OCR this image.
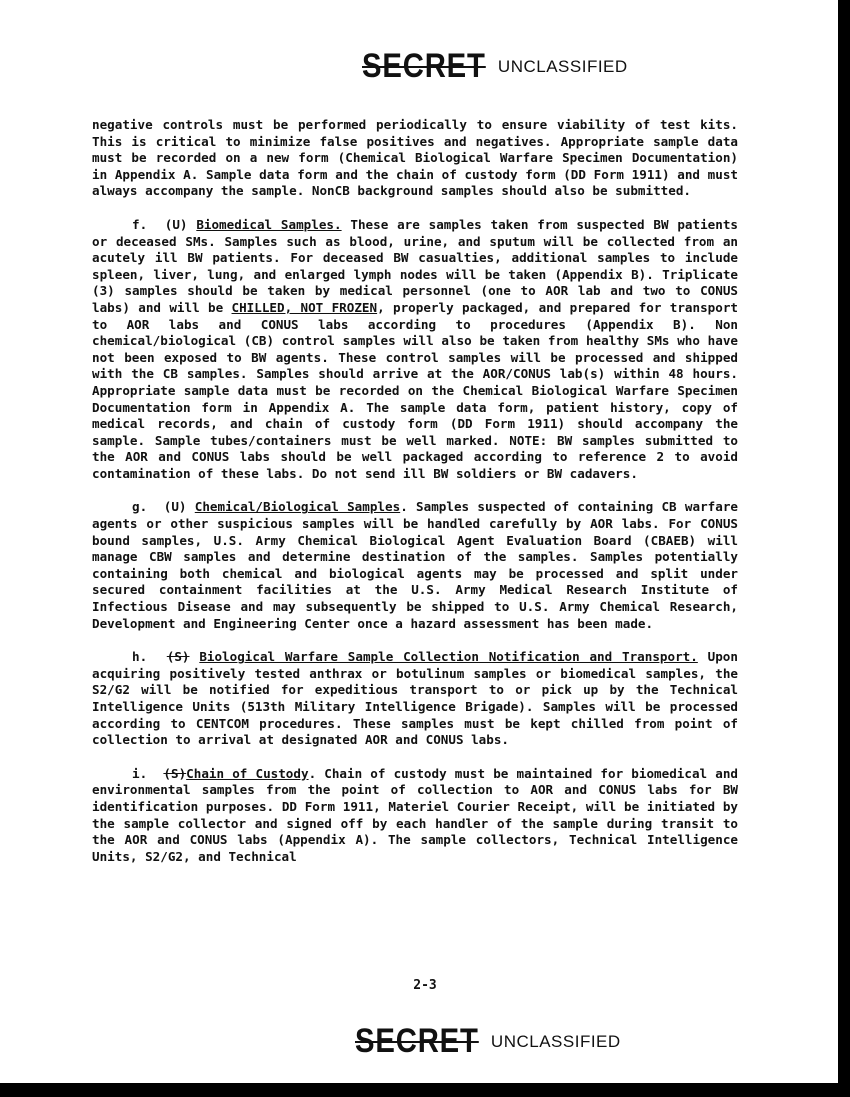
SECRET UNCLASSIFIED

negative controls must be performed periodically to ensure viability of test kits. This is critical to minimize false positives and negatives. Appropriate sample data must be recorded on a new form (Chemical Biological Warfare Specimen Documentation) in Appendix A. Sample data form and the chain of custody form (DD Form 1911) and must always accompany the sample. NonCB background samples should also be submitted.

f. (U) Biomedical Samples. These are samples taken from suspected BW patients or deceased SMs. Samples such as blood, urine, and sputum will be collected from an acutely ill BW patients. For deceased BW casualties, additional samples to include spleen, liver, lung, and enlarged lymph nodes will be taken (Appendix B). Triplicate (3) samples should be taken by medical personnel (one to AOR lab and two to CONUS labs) and will be CHILLED, NOT FROZEN, properly packaged, and prepared for transport to AOR labs and CONUS labs according to procedures (Appendix B). Non chemical/biological (CB) control samples will also be taken from healthy SMs who have not been exposed to BW agents. These control samples will be processed and shipped with the CB samples. Samples should arrive at the AOR/CONUS lab(s) within 48 hours. Appropriate sample data must be recorded on the Chemical Biological Warfare Specimen Documentation form in Appendix A. The sample data form, patient history, copy of medical records, and chain of custody form (DD Form 1911) should accompany the sample. Sample tubes/containers must be well marked. NOTE: BW samples submitted to the AOR and CONUS labs should be well packaged according to reference 2 to avoid contamination of these labs. Do not send ill BW soldiers or BW cadavers.

g. (U) Chemical/Biological Samples. Samples suspected of containing CB warfare agents or other suspicious samples will be handled carefully by AOR labs. For CONUS bound samples, U.S. Army Chemical Biological Agent Evaluation Board (CBAEB) will manage CBW samples and determine destination of the samples. Samples potentially containing both chemical and biological agents may be processed and split under secured containment facilities at the U.S. Army Medical Research Institute of Infectious Disease and may subsequently be shipped to U.S. Army Chemical Research, Development and Engineering Center once a hazard assessment has been made.

h. (S) Biological Warfare Sample Collection Notification and Transport. Upon acquiring positively tested anthrax or botulinum samples or biomedical samples, the S2/G2 will be notified for expeditious transport to or pick up by the Technical Intelligence Units (513th Military Intelligence Brigade). Samples will be processed according to CENTCOM procedures. These samples must be kept chilled from point of collection to arrival at designated AOR and CONUS labs.

i. (S)Chain of Custody. Chain of custody must be maintained for biomedical and environmental samples from the point of collection to AOR and CONUS labs for BW identification purposes. DD Form 1911, Materiel Courier Receipt, will be initiated by the sample collector and signed off by each handler of the sample during transit to the AOR and CONUS labs (Appendix A). The sample collectors, Technical Intelligence Units, S2/G2, and Technical

2-3
SECRET UNCLASSIFIED
